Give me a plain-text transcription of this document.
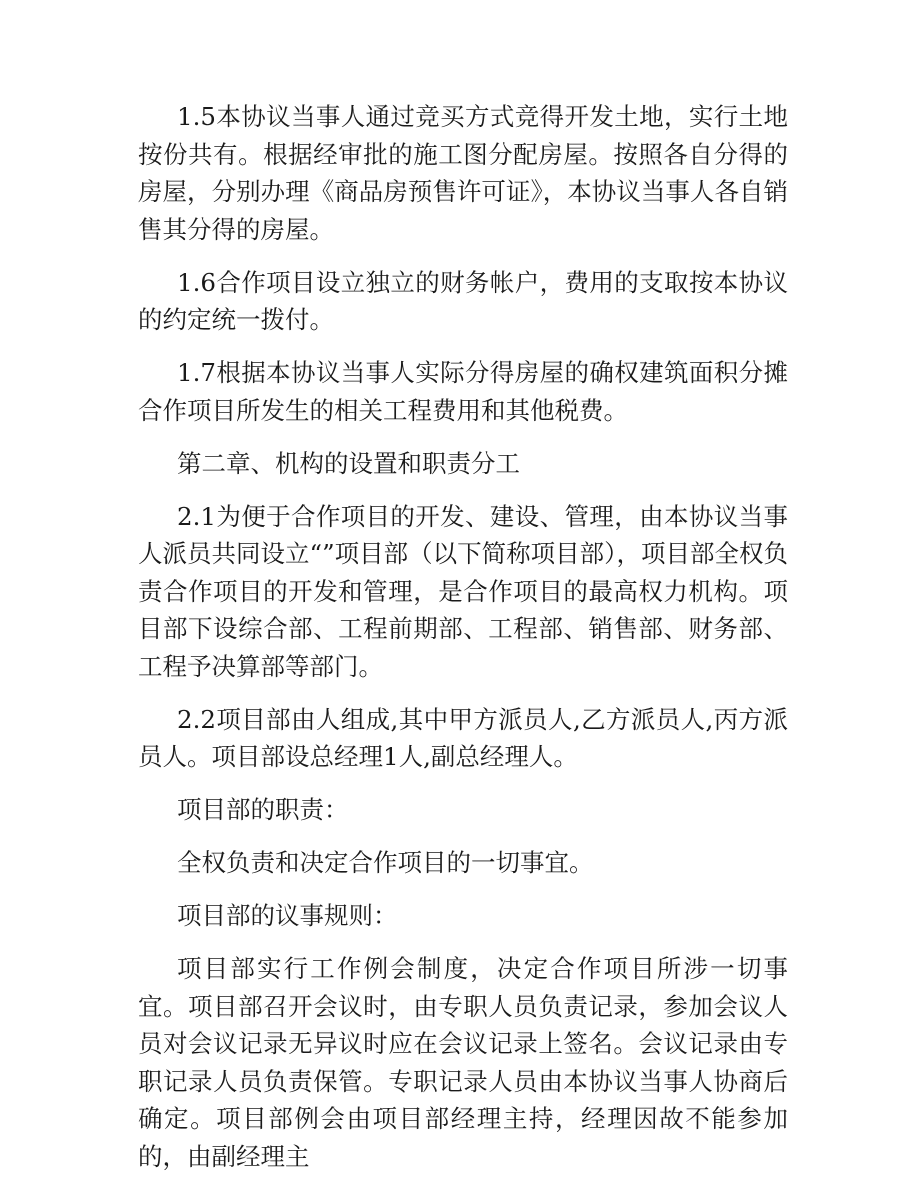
1.5本协议当事人通过竞买方式竞得开发土地，实行土地按份共有。根据经审批的施工图分配房屋。按照各自分得的房屋，分别办理《商品房预售许可证》，本协议当事人各自销售其分得的房屋。

1.6合作项目设立独立的财务帐户，费用的支取按本协议的约定统一拨付。

1.7根据本协议当事人实际分得房屋的确权建筑面积分摊合作项目所发生的相关工程费用和其他税费。

第二章、机构的设置和职责分工

2.1为便于合作项目的开发、建设、管理，由本协议当事人派员共同设立“”项目部（以下简称项目部），项目部全权负责合作项目的开发和管理，是合作项目的最高权力机构。项目部下设综合部、工程前期部、工程部、销售部、财务部、工程予决算部等部门。

2.2项目部由人组成,其中甲方派员人,乙方派员人,丙方派员人。项目部设总经理1人,副总经理人。

项目部的职责：

全权负责和决定合作项目的一切事宜。

项目部的议事规则：

项目部实行工作例会制度，决定合作项目所涉一切事宜。项目部召开会议时，由专职人员负责记录，参加会议人员对会议记录无异议时应在会议记录上签名。会议记录由专职记录人员负责保管。专职记录人员由本协议当事人协商后确定。项目部例会由项目部经理主持，经理因故不能参加的，由副经理主
